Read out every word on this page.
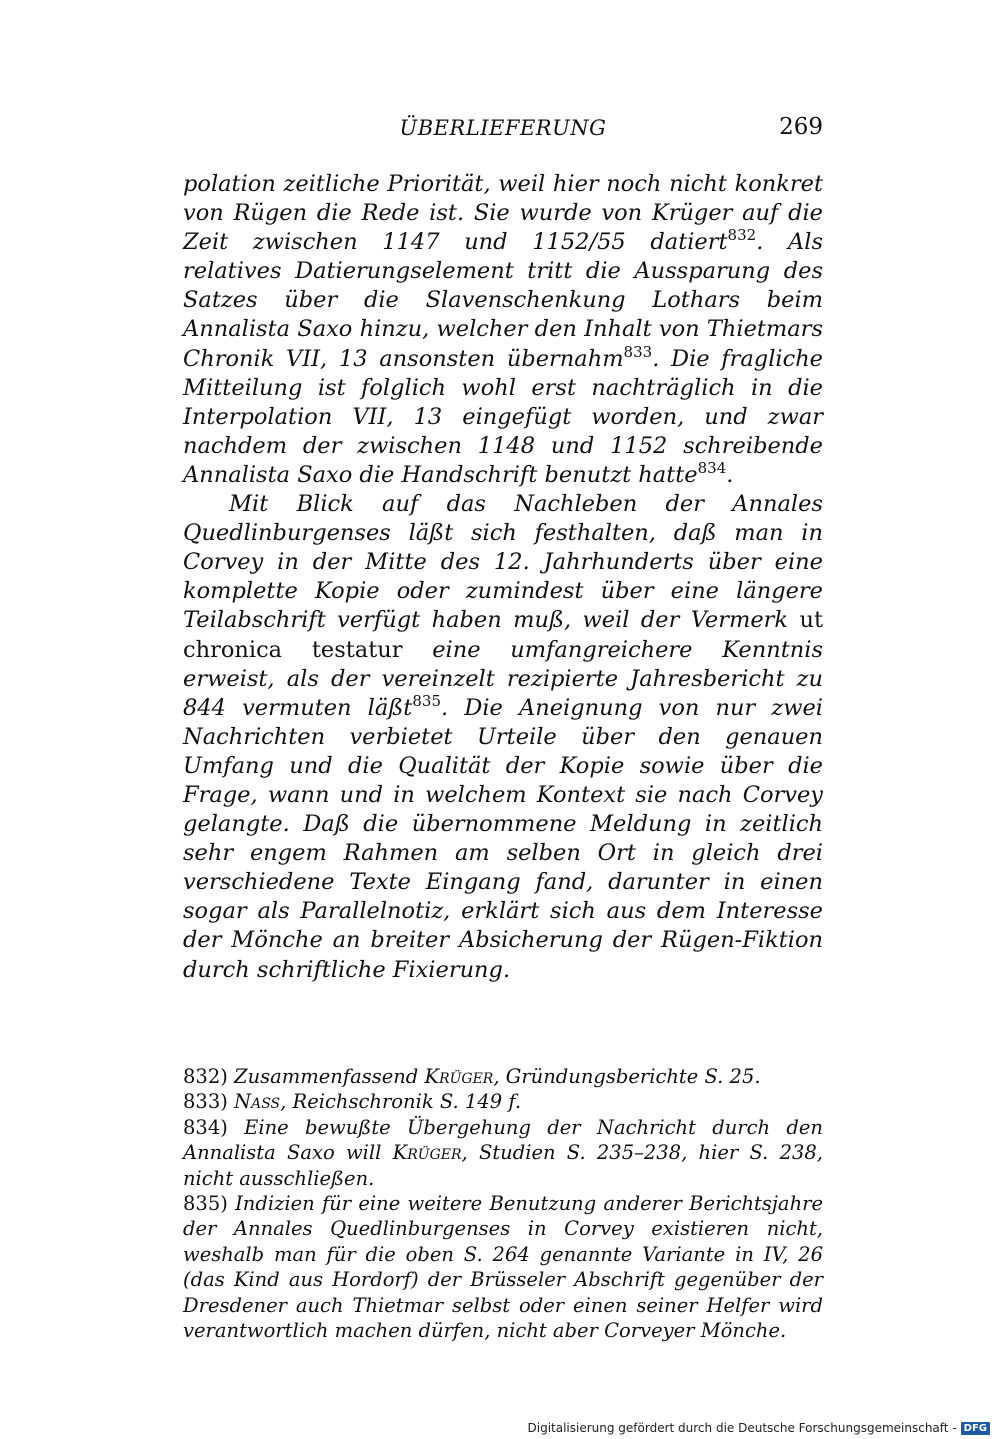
ÜBERLIEFERUNG	269

polation zeitliche Priorität, weil hier noch nicht konkret von Rügen die Rede ist. Sie wurde von Krüger auf die Zeit zwischen 1147 und 1152/55 datiert$^{832}$. Als relatives Datierungselement tritt die Aussparung des Satzes über die Slavenschenkung Lothars beim Annalista Saxo hinzu, welcher den Inhalt von Thietmars Chronik VII, 13 ansonsten übernahm$^{833}$. Die fragliche Mitteilung ist folglich wohl erst nachträglich in die Interpolation VII, 13 eingefügt worden, und zwar nachdem der zwischen 1148 und 1152 schreibende Annalista Saxo die Handschrift benutzt hatte$^{834}$.

Mit Blick auf das Nachleben der Annales Quedlinburgenses läßt sich festhalten, daß man in Corvey in der Mitte des 12. Jahrhunderts über eine komplette Kopie oder zumindest über eine längere Teilabschrift verfügt haben muß, weil der Vermerk ut chronica testatur eine umfangreichere Kenntnis erweist, als der vereinzelt rezipierte Jahresbericht zu 844 vermuten läßt$^{835}$. Die Aneignung von nur zwei Nachrichten verbietet Urteile über den genauen Umfang und die Qualität der Kopie sowie über die Frage, wann und in welchem Kontext sie nach Corvey gelangte. Daß die übernommene Meldung in zeitlich sehr engem Rahmen am selben Ort in gleich drei verschiedene Texte Eingang fand, darunter in einen sogar als Parallelnotiz, erklärt sich aus dem Interesse der Mönche an breiter Absicherung der Rügen-Fiktion durch schriftliche Fixierung.

832) Zusammenfassend Krüger, Gründungsberichte S. 25.

833) Nass, Reichschronik S. 149 f.

834) Eine bewußte Übergehung der Nachricht durch den Annalista Saxo will Krüger, Studien S. 235–238, hier S. 238, nicht ausschließen.

835) Indizien für eine weitere Benutzung anderer Berichtsjahre der Annales Quedlinburgenses in Corvey existieren nicht, weshalb man für die oben S. 264 genannte Variante in IV, 26 (das Kind aus Hordorf) der Brüsseler Abschrift gegenüber der Dresdener auch Thietmar selbst oder einen seiner Helfer wird verantwortlich machen dürfen, nicht aber Corveyer Mönche.

Digitalisierung gefördert durch die Deutsche Forschungsgemeinschaft - DFG
